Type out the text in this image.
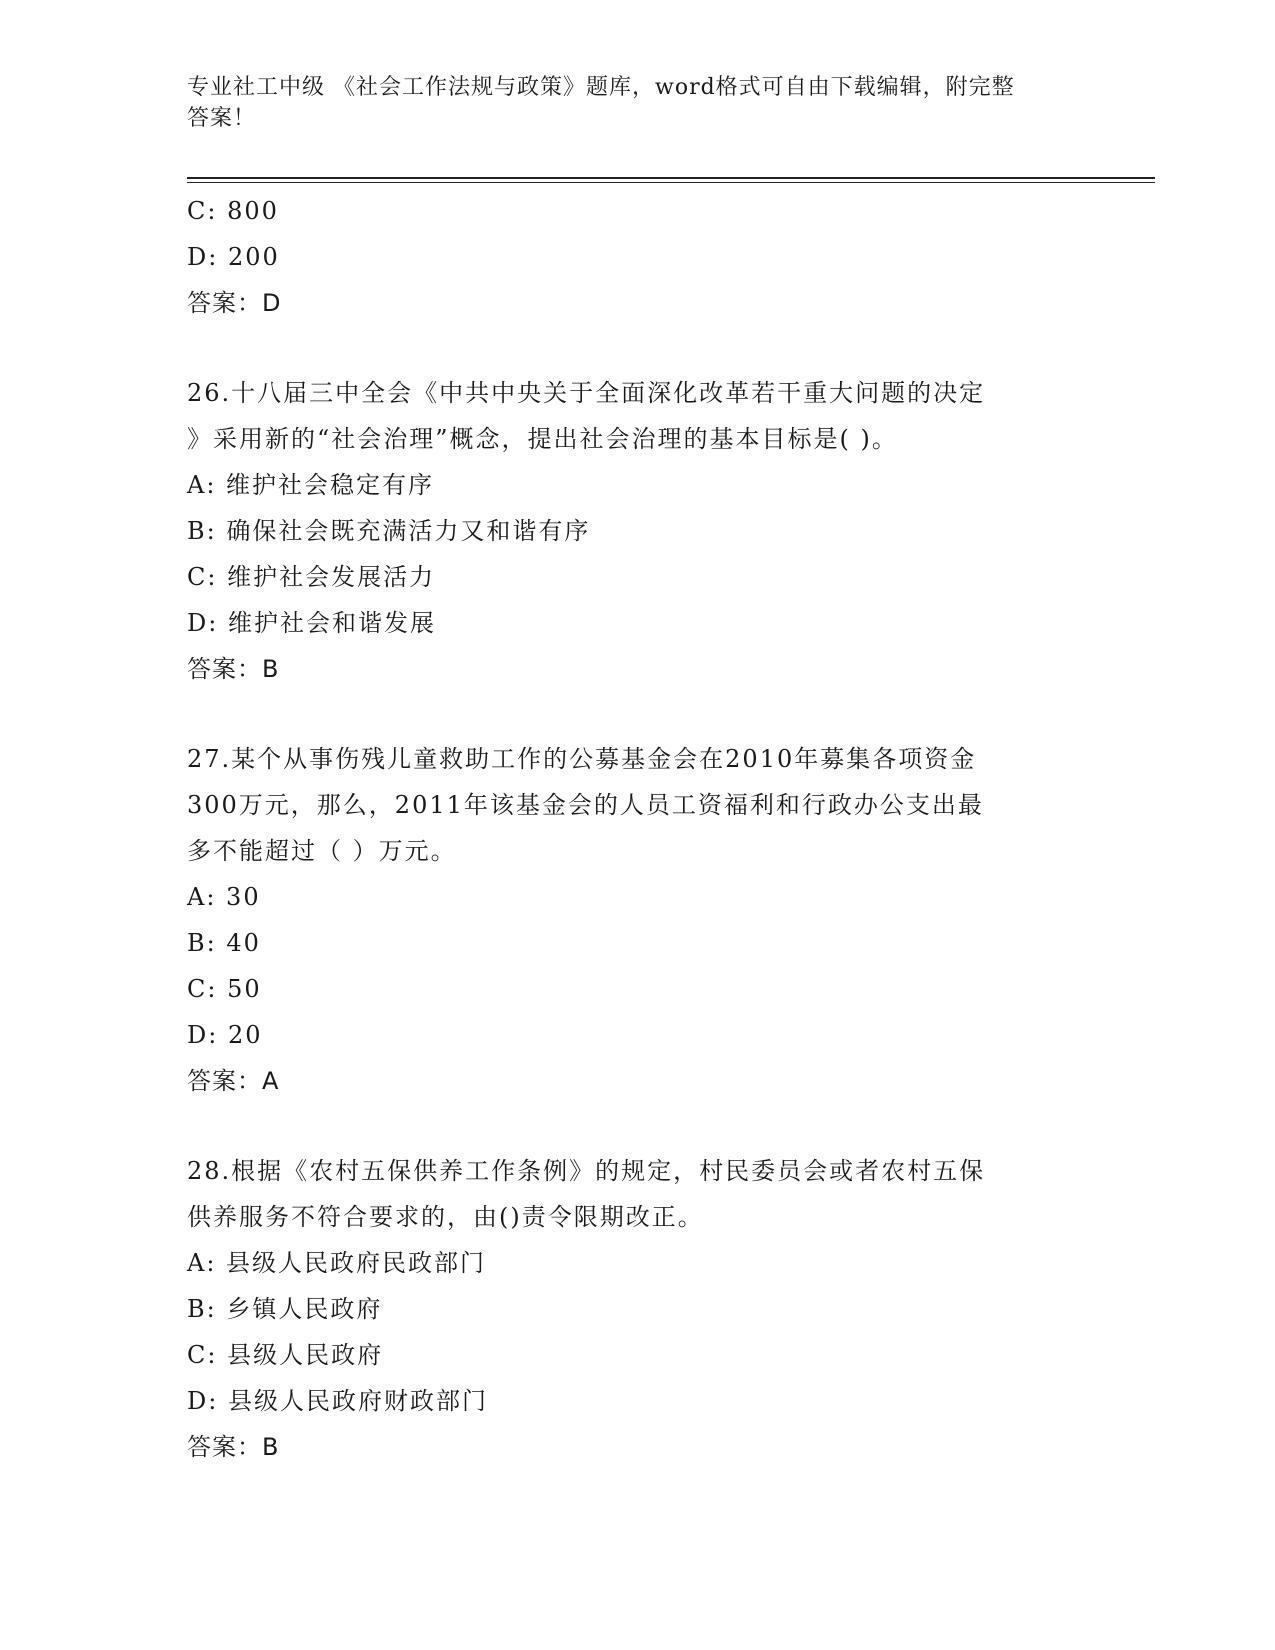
专业社工中级 《社会工作法规与政策》题库，word格式可自由下载编辑，附完整
答案！
C: 800
D: 200
答案：D
26.十八届三中全会《中共中央关于全面深化改革若干重大问题的决定
》采用新的“社会治理”概念，提出社会治理的基本目标是( )。
A: 维护社会稳定有序
B: 确保社会既充满活力又和谐有序
C: 维护社会发展活力
D: 维护社会和谐发展
答案：B
27.某个从事伤残儿童救助工作的公募基金会在2010年募集各项资金
300万元，那么，2011年该基金会的人员工资福利和行政办公支出最
多不能超过（ ）万元。
A: 30
B: 40
C: 50
D: 20
答案：A
28.根据《农村五保供养工作条例》的规定，村民委员会或者农村五保
供养服务不符合要求的，由()责令限期改正。
A: 县级人民政府民政部门
B: 乡镇人民政府
C: 县级人民政府
D: 县级人民政府财政部门
答案：B
